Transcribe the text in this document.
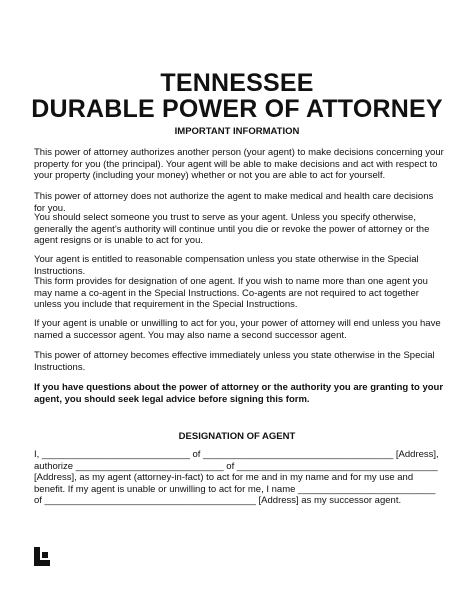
TENNESSEE
DURABLE POWER OF ATTORNEY
IMPORTANT INFORMATION
This power of attorney authorizes another person (your agent) to make decisions concerning your property for you (the principal). Your agent will be able to make decisions and act with respect to your property (including your money) whether or not you are able to act for yourself.
This power of attorney does not authorize the agent to make medical and health care decisions for you.
You should select someone you trust to serve as your agent. Unless you specify otherwise, generally the agent’s authority will continue until you die or revoke the power of attorney or the agent resigns or is unable to act for you.
Your agent is entitled to reasonable compensation unless you state otherwise in the Special Instructions.
This form provides for designation of one agent. If you wish to name more than one agent you may name a co-agent in the Special Instructions. Co-agents are not required to act together unless you include that requirement in the Special Instructions.
If your agent is unable or unwilling to act for you, your power of attorney will end unless you have named a successor agent. You may also name a second successor agent.
This power of attorney becomes effective immediately unless you state otherwise in the Special Instructions.
If you have questions about the power of attorney or the authority you are granting to your agent, you should seek legal advice before signing this form.
DESIGNATION OF AGENT
I, ____________________________ of ____________________________________ [Address], authorize ____________________________ of ______________________________________ [Address], as my agent (attorney-in-fact) to act for me and in my name and for my use and benefit. If my agent is unable or unwilling to act for me, I name __________________________ of ________________________________________ [Address] as my successor agent.
